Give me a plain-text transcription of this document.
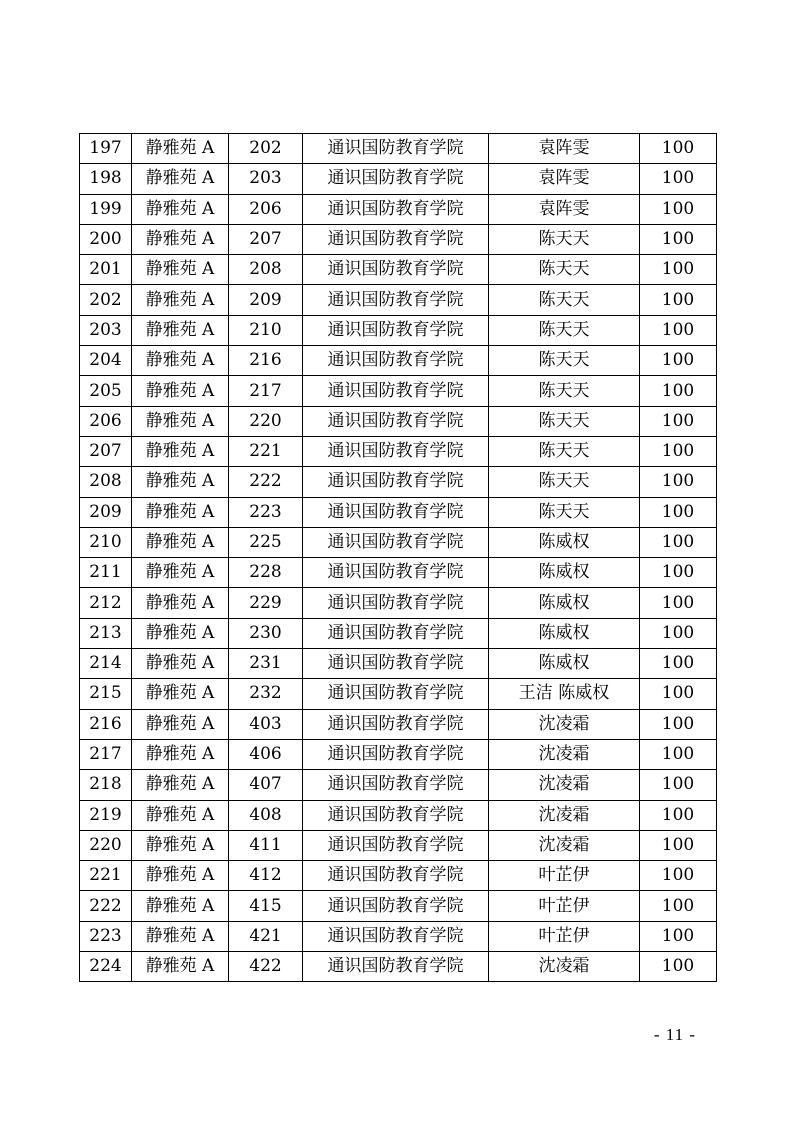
197	静雅苑 A	202	通识国防教育学院	袁阵雯	100
198	静雅苑 A	203	通识国防教育学院	袁阵雯	100
199	静雅苑 A	206	通识国防教育学院	袁阵雯	100
200	静雅苑 A	207	通识国防教育学院	陈天天	100
201	静雅苑 A	208	通识国防教育学院	陈天天	100
202	静雅苑 A	209	通识国防教育学院	陈天天	100
203	静雅苑 A	210	通识国防教育学院	陈天天	100
204	静雅苑 A	216	通识国防教育学院	陈天天	100
205	静雅苑 A	217	通识国防教育学院	陈天天	100
206	静雅苑 A	220	通识国防教育学院	陈天天	100
207	静雅苑 A	221	通识国防教育学院	陈天天	100
208	静雅苑 A	222	通识国防教育学院	陈天天	100
209	静雅苑 A	223	通识国防教育学院	陈天天	100
210	静雅苑 A	225	通识国防教育学院	陈威权	100
211	静雅苑 A	228	通识国防教育学院	陈威权	100
212	静雅苑 A	229	通识国防教育学院	陈威权	100
213	静雅苑 A	230	通识国防教育学院	陈威权	100
214	静雅苑 A	231	通识国防教育学院	陈威权	100
215	静雅苑 A	232	通识国防教育学院	王洁 陈威权	100
216	静雅苑 A	403	通识国防教育学院	沈凌霜	100
217	静雅苑 A	406	通识国防教育学院	沈凌霜	100
218	静雅苑 A	407	通识国防教育学院	沈凌霜	100
219	静雅苑 A	408	通识国防教育学院	沈凌霜	100
220	静雅苑 A	411	通识国防教育学院	沈凌霜	100
221	静雅苑 A	412	通识国防教育学院	叶芷伊	100
222	静雅苑 A	415	通识国防教育学院	叶芷伊	100
223	静雅苑 A	421	通识国防教育学院	叶芷伊	100
224	静雅苑 A	422	通识国防教育学院	沈凌霜	100
- 11 -
